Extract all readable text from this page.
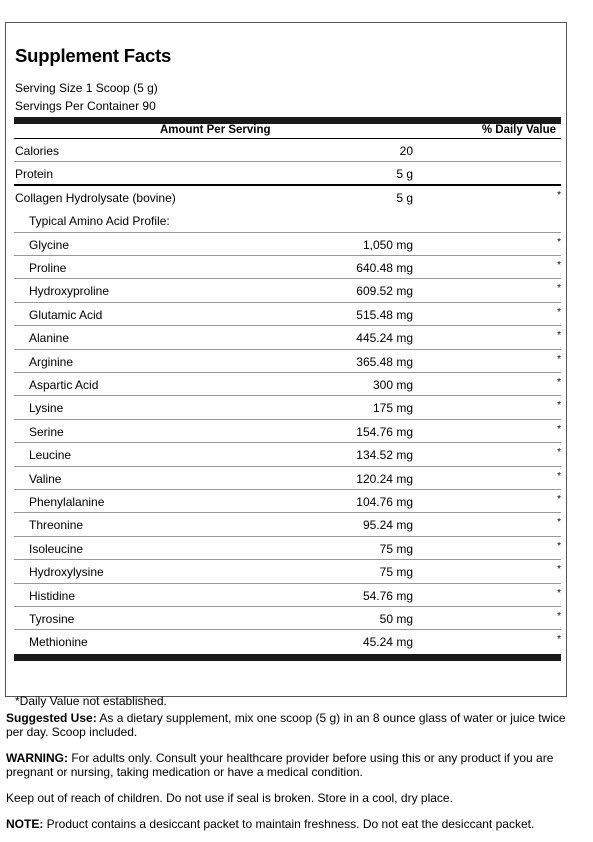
Supplement Facts
Serving Size 1 Scoop (5 g)
Servings Per Container 90
Amount Per Serving	% Daily Value
Calories	20
Protein	5 g
Collagen Hydrolysate (bovine)	5 g	*
Typical Amino Acid Profile:
Glycine	1,050 mg	*
Proline	640.48 mg	*
Hydroxyproline	609.52 mg	*
Glutamic Acid	515.48 mg	*
Alanine	445.24 mg	*
Arginine	365.48 mg	*
Aspartic Acid	300 mg	*
Lysine	175 mg	*
Serine	154.76 mg	*
Leucine	134.52 mg	*
Valine	120.24 mg	*
Phenylalanine	104.76 mg	*
Threonine	95.24 mg	*
Isoleucine	75 mg	*
Hydroxylysine	75 mg	*
Histidine	54.76 mg	*
Tyrosine	50 mg	*
Methionine	45.24 mg	*
*Daily Value not established.
Suggested Use: As a dietary supplement, mix one scoop (5 g) in an 8 ounce glass of water or juice twice per day. Scoop included.
WARNING: For adults only. Consult your healthcare provider before using this or any product if you are pregnant or nursing, taking medication or have a medical condition.
Keep out of reach of children. Do not use if seal is broken. Store in a cool, dry place.
NOTE: Product contains a desiccant packet to maintain freshness. Do not eat the desiccant packet.
